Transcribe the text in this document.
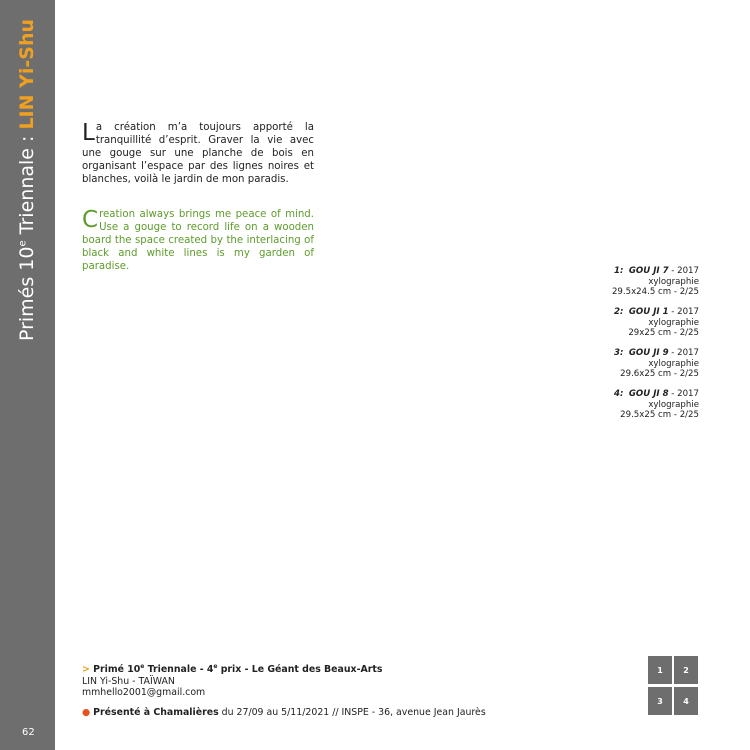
Primés 10e Triennale : LIN Yi-Shu
62
La création m’a toujours apporté la tranquillité d’esprit. Graver la vie avec une gouge sur une planche de bois en organisant l’espace par des lignes noires et blanches, voilà le jardin de mon paradis.
Creation always brings me peace of mind. Use a gouge to record life on a wooden board the space created by the interlacing of black and white lines is my garden of paradise.	1: GOU JI 7 - 2017
xylographie
29.5x24.5 cm - 2/25
2: GOU JI 1 - 2017
xylographie
29x25 cm - 2/25
3: GOU JI 9 - 2017
xylographie
29.6x25 cm - 2/25
4: GOU JI 8 - 2017
xylographie
29.5x25 cm - 2/25
> Primé 10e Triennale - 4e prix - Le Géant des Beaux-Arts
LIN Yi-Shu - TAÏWAN
mmhello2001@gmail.com
● Présenté à Chamalières du 27/09 au 5/11/2021 // INSPE - 36, avenue Jean Jaurès
1	2
3	4
